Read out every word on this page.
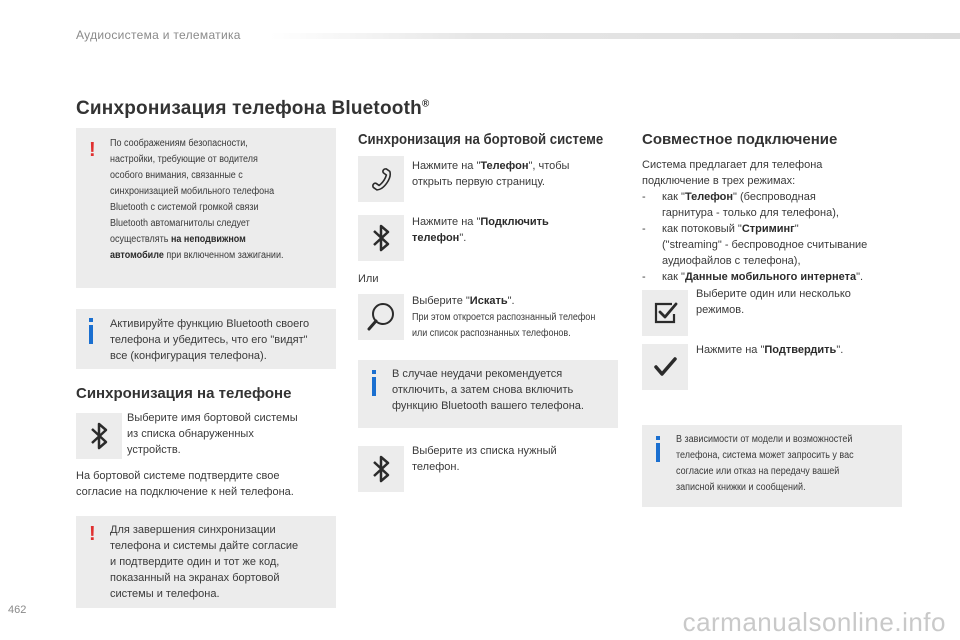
Аудиосистема и телематика
Синхронизация телефона Bluetooth®
! По соображениям безопасности,
настройки, требующие от водителя
особого внимания, связанные с
синхронизацией мобильного телефона
Bluetooth с системой громкой связи
Bluetooth автомагнитолы следует
осуществлять на неподвижном
автомобиле при включенном зажигании.
Активируйте функцию Bluetooth своего
телефона и убедитесь, что его "видят"
все (конфигурация телефона).
Синхронизация на телефоне
Выберите имя бортовой системы
из списка обнаруженных
устройств.
На бортовой системе подтвердите свое
согласие на подключение к ней телефона.
! Для завершения синхронизации
телефона и системы дайте согласие
и подтвердите один и тот же код,
показанный на экранах бортовой
системы и телефона.
Синхронизация на бортовой системе
Нажмите на "Телефон", чтобы
открыть первую страницу.
Нажмите на "Подключить
телефон".
Или
Выберите "Искать".
При этом откроется распознанный телефон
или список распознанных телефонов.
В случае неудачи рекомендуется
отключить, а затем снова включить
функцию Bluetooth вашего телефона.
Выберите из списка нужный
телефон.
Совместное подключение
Система предлагает для телефона
подключение в трех режимах:
- как "Телефон" (беспроводная
гарнитура - только для телефона),
- как потоковый "Стриминг"
("streaming" - беспроводное считывание
аудиофайлов с телефона),
- как "Данные мобильного интернета".
Выберите один или несколько
режимов.
Нажмите на "Подтвердить".
В зависимости от модели и возможностей
телефона, система может запросить у вас
согласие или отказ на передачу вашей
записной книжки и сообщений.
462	carmanualsonline.info
